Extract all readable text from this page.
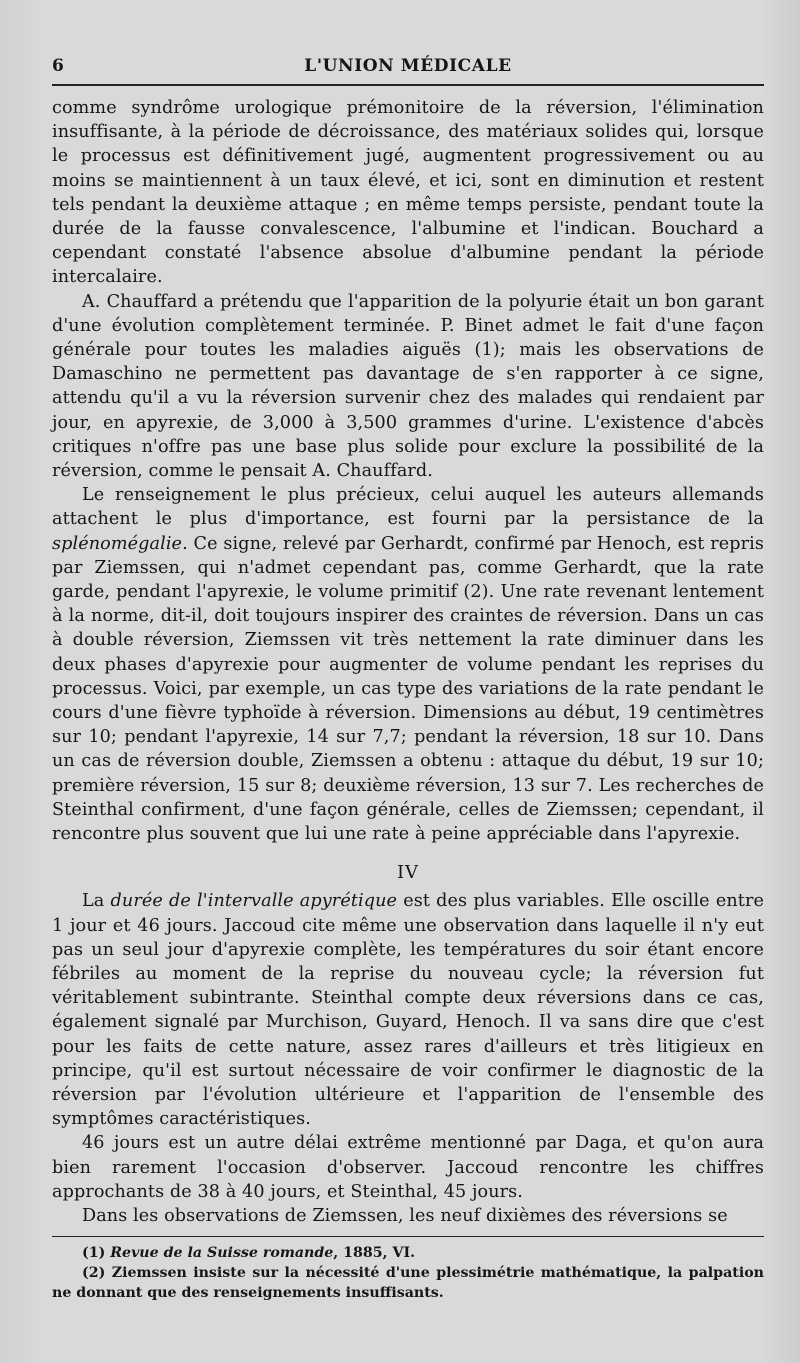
6	L'UNION MÉDICALE

comme syndrôme urologique prémonitoire de la réversion, l'élimination insuffisante, à la période de décroissance, des matériaux solides qui, lorsque le processus est définitivement jugé, augmentent progressivement ou au moins se maintiennent à un taux élevé, et ici, sont en diminution et restent tels pendant la deuxième attaque ; en même temps persiste, pendant toute la durée de la fausse convalescence, l'albumine et l'indican. Bouchard a cependant constaté l'absence absolue d'albumine pendant la période intercalaire.

A. Chauffard a prétendu que l'apparition de la polyurie était un bon garant d'une évolution complètement terminée. P. Binet admet le fait d'une façon générale pour toutes les maladies aiguës (1); mais les observations de Damaschino ne permettent pas davantage de s'en rapporter à ce signe, attendu qu'il a vu la réversion survenir chez des malades qui rendaient par jour, en apyrexie, de 3,000 à 3,500 grammes d'urine. L'existence d'abcès critiques n'offre pas une base plus solide pour exclure la possibilité de la réversion, comme le pensait A. Chauffard.

Le renseignement le plus précieux, celui auquel les auteurs allemands attachent le plus d'importance, est fourni par la persistance de la splénomégalie. Ce signe, relevé par Gerhardt, confirmé par Henoch, est repris par Ziemssen, qui n'admet cependant pas, comme Gerhardt, que la rate garde, pendant l'apyrexie, le volume primitif (2). Une rate revenant lentement à la norme, dit-il, doit toujours inspirer des craintes de réversion. Dans un cas à double réversion, Ziemssen vit très nettement la rate diminuer dans les deux phases d'apyrexie pour augmenter de volume pendant les reprises du processus. Voici, par exemple, un cas type des variations de la rate pendant le cours d'une fièvre typhoïde à réversion. Dimensions au début, 19 centimètres sur 10; pendant l'apyrexie, 14 sur 7,7; pendant la réversion, 18 sur 10. Dans un cas de réversion double, Ziemssen a obtenu : attaque du début, 19 sur 10; première réversion, 15 sur 8; deuxième réversion, 13 sur 7. Les recherches de Steinthal confirment, d'une façon générale, celles de Ziemssen; cependant, il rencontre plus souvent que lui une rate à peine appréciable dans l'apyrexie.

IV

La durée de l'intervalle apyrétique est des plus variables. Elle oscille entre 1 jour et 46 jours. Jaccoud cite même une observation dans laquelle il n'y eut pas un seul jour d'apyrexie complète, les températures du soir étant encore fébriles au moment de la reprise du nouveau cycle; la réversion fut véritablement subintrante. Steinthal compte deux réversions dans ce cas, également signalé par Murchison, Guyard, Henoch. Il va sans dire que c'est pour les faits de cette nature, assez rares d'ailleurs et très litigieux en principe, qu'il est surtout nécessaire de voir confirmer le diagnostic de la réversion par l'évolution ultérieure et l'apparition de l'ensemble des symptômes caractéristiques.

46 jours est un autre délai extrême mentionné par Daga, et qu'on aura bien rarement l'occasion d'observer. Jaccoud rencontre les chiffres approchants de 38 à 40 jours, et Steinthal, 45 jours.

Dans les observations de Ziemssen, les neuf dixièmes des réversions se

(1) Revue de la Suisse romande, 1885, VI.

(2) Ziemssen insiste sur la nécessité d'une plessimétrie mathématique, la palpation ne donnant que des renseignements insuffisants.
